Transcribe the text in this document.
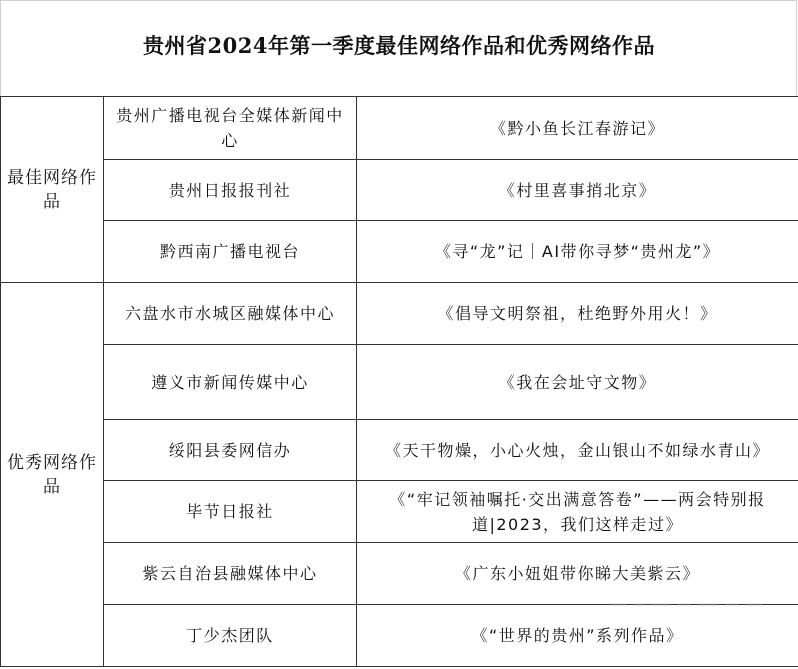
贵州省2024年第一季度最佳网络作品和优秀网络作品
最佳网络作品	贵州广播电视台全媒体新闻中心	《黔小鱼长江春游记》
	贵州日报报刊社	《村里喜事捎北京》
	黔西南广播电视台	《寻“龙”记｜AI带你寻梦“贵州龙”》
优秀网络作品	六盘水市水城区融媒体中心	《倡导文明祭祖，杜绝野外用火！》
	遵义市新闻传媒中心	《我在会址守文物》
	绥阳县委网信办	《天干物燥，小心火烛，金山银山不如绿水青山》
	毕节日报社	《“牢记领袖嘱托·交出满意答卷”——两会特别报道|2023，我们这样走过》
	紫云自治县融媒体中心	《广东小妞姐带你睇大美紫云》
	丁少杰团队	《“世界的贵州”系列作品》
